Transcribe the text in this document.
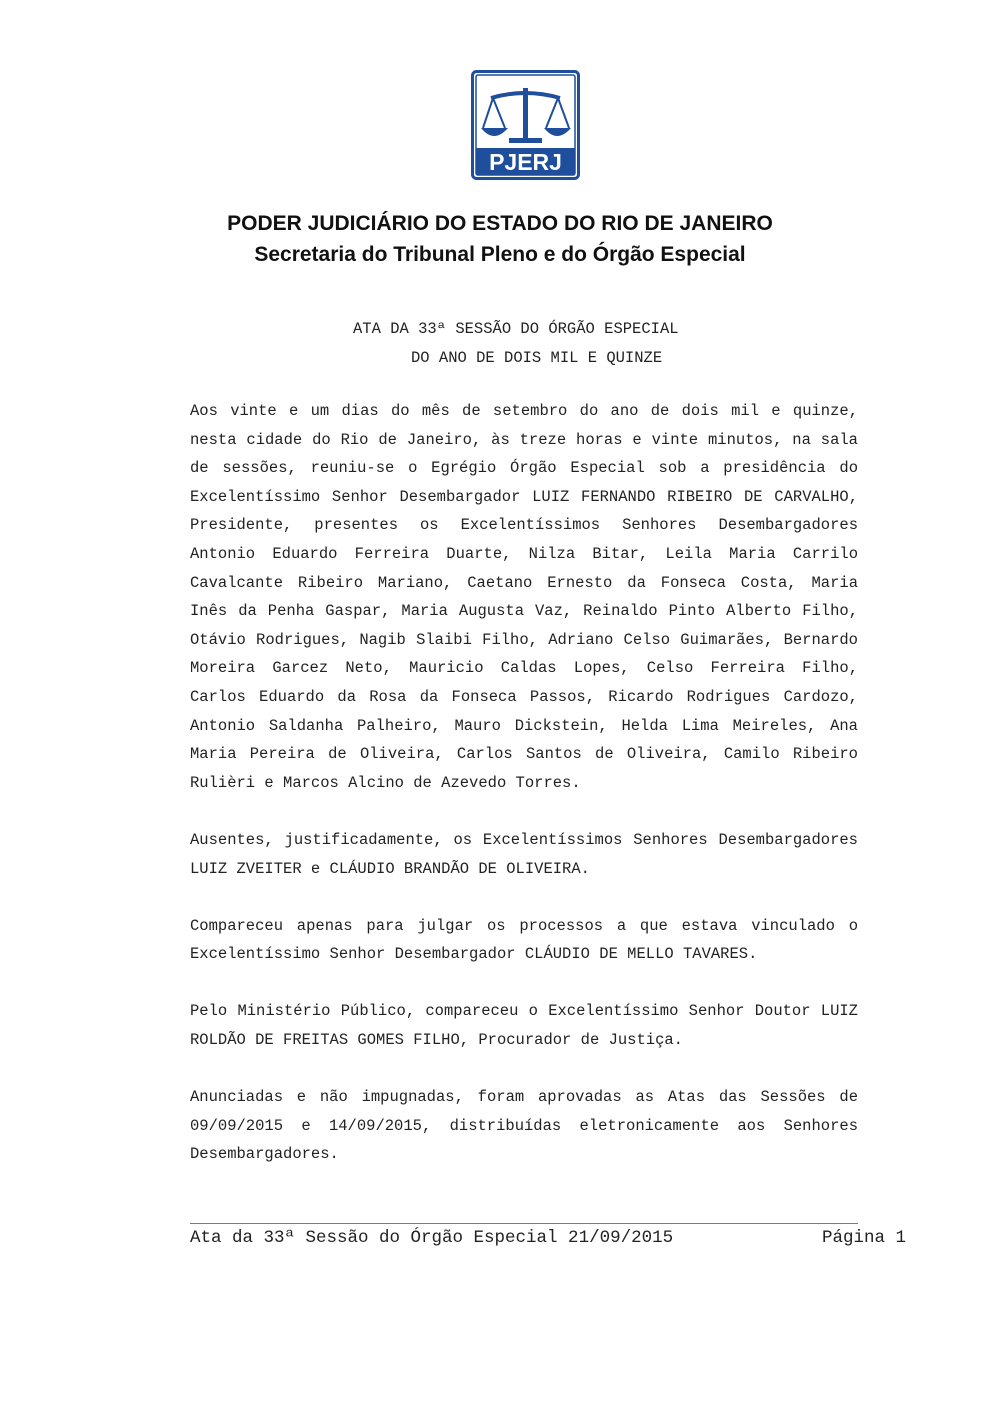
PJERJ
PODER JUDICIÁRIO DO ESTADO DO RIO DE JANEIRO
Secretaria do Tribunal Pleno e do Órgão Especial
ATA DA 33ª SESSÃO DO ÓRGÃO ESPECIAL
DO ANO DE DOIS MIL E QUINZE

Aos vinte e um dias do mês de setembro do ano de dois mil e quinze, nesta cidade do Rio de Janeiro, às treze horas e vinte minutos, na sala de sessões, reuniu-se o Egrégio Órgão Especial sob a presidência do Excelentíssimo Senhor Desembargador LUIZ FERNANDO RIBEIRO DE CARVALHO, Presidente, presentes os Excelentíssimos Senhores Desembargadores Antonio Eduardo Ferreira Duarte, Nilza Bitar, Leila Maria Carrilo Cavalcante Ribeiro Mariano, Caetano Ernesto da Fonseca Costa, Maria Inês da Penha Gaspar, Maria Augusta Vaz, Reinaldo Pinto Alberto Filho, Otávio Rodrigues, Nagib Slaibi Filho, Adriano Celso Guimarães, Bernardo Moreira Garcez Neto, Mauricio Caldas Lopes, Celso Ferreira Filho, Carlos Eduardo da Rosa da Fonseca Passos, Ricardo Rodrigues Cardozo, Antonio Saldanha Palheiro, Mauro Dickstein, Helda Lima Meireles, Ana Maria Pereira de Oliveira, Carlos Santos de Oliveira, Camilo Ribeiro Rulièri e Marcos Alcino de Azevedo Torres.

Ausentes, justificadamente, os Excelentíssimos Senhores Desembargadores LUIZ ZVEITER e CLÁUDIO BRANDÃO DE OLIVEIRA.

Compareceu apenas para julgar os processos a que estava vinculado o Excelentíssimo Senhor Desembargador CLÁUDIO DE MELLO TAVARES.

Pelo Ministério Público, compareceu o Excelentíssimo Senhor Doutor LUIZ ROLDÃO DE FREITAS GOMES FILHO, Procurador de Justiça.

Anunciadas e não impugnadas, foram aprovadas as Atas das Sessões de 09/09/2015 e 14/09/2015, distribuídas eletronicamente aos Senhores Desembargadores.

Ata da 33ª Sessão do Órgão Especial 21/09/2015	Página 1
